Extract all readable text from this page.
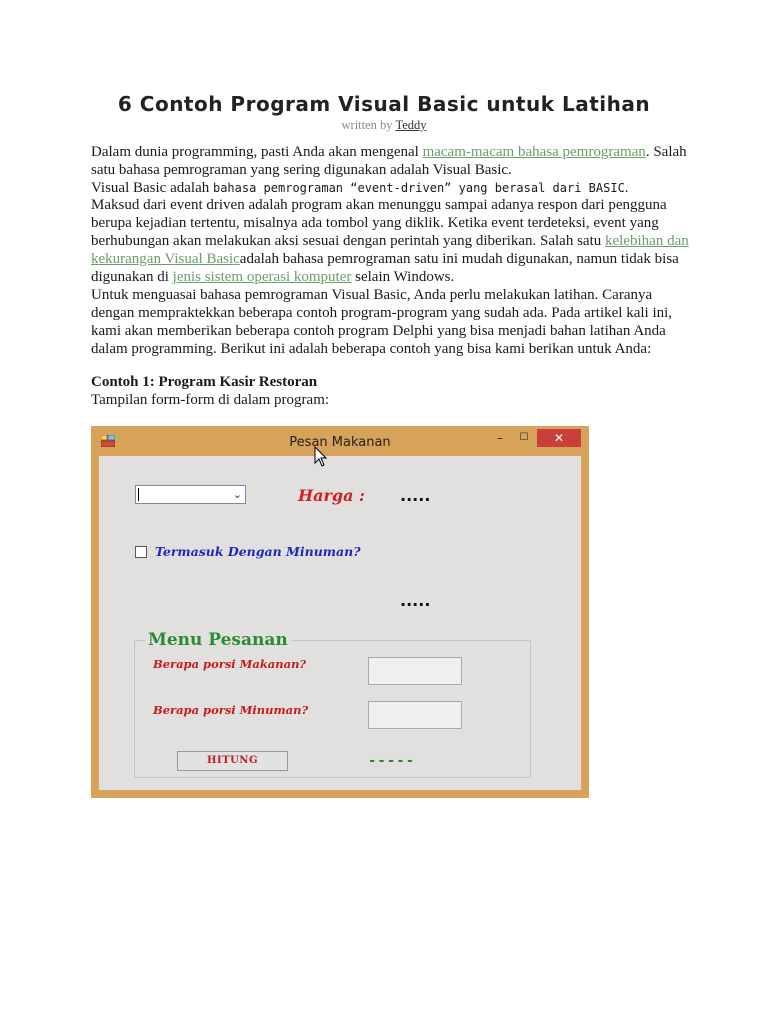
6 Contoh Program Visual Basic untuk Latihan
written by Teddy
Dalam dunia programming, pasti Anda akan mengenal macam-macam bahasa pemrograman. Salah satu bahasa pemrograman yang sering digunakan adalah Visual Basic.
Visual Basic adalah bahasa pemrograman “event-driven” yang berasal dari BASIC.
Maksud dari event driven adalah program akan menunggu sampai adanya respon dari pengguna berupa kejadian tertentu, misalnya ada tombol yang diklik. Ketika event terdeteksi, event yang berhubungan akan melakukan aksi sesuai dengan perintah yang diberikan. Salah satu kelebihan dan kekurangan Visual Basicadalah bahasa pemrograman satu ini mudah digunakan, namun tidak bisa digunakan di jenis sistem operasi komputer selain Windows.
Untuk menguasai bahasa pemrograman Visual Basic, Anda perlu melakukan latihan. Caranya dengan mempraktekkan beberapa contoh program-program yang sudah ada. Pada artikel kali ini, kami akan memberikan beberapa contoh program Delphi yang bisa menjadi bahan latihan Anda dalam programming. Berikut ini adalah beberapa contoh yang bisa kami berikan untuk Anda:
Contoh 1: Program Kasir Restoran
Tampilan form-form di dalam program:
Pesan Makanan	–	☐	✕
⌄	Harga : .....
Termasuk Dengan Minuman?
.....
Menu Pesanan
Berapa porsi Makanan?
Berapa porsi Minuman?
HITUNG	-----
